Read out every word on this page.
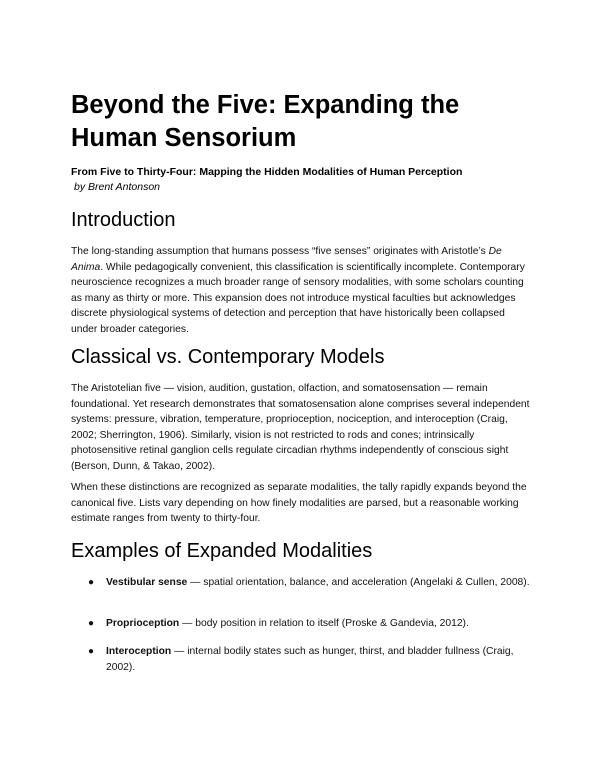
Beyond the Five: Expanding the Human Sensorium

From Five to Thirty-Four: Mapping the Hidden Modalities of Human Perception

by Brent Antonson

Introduction

The long-standing assumption that humans possess “five senses” originates with Aristotle’s De Anima. While pedagogically convenient, this classification is scientifically incomplete. Contemporary neuroscience recognizes a much broader range of sensory modalities, with some scholars counting as many as thirty or more. This expansion does not introduce mystical faculties but acknowledges discrete physiological systems of detection and perception that have historically been collapsed under broader categories.

Classical vs. Contemporary Models

The Aristotelian five — vision, audition, gustation, olfaction, and somatosensation — remain foundational. Yet research demonstrates that somatosensation alone comprises several independent systems: pressure, vibration, temperature, proprioception, nociception, and interoception (Craig, 2002; Sherrington, 1906). Similarly, vision is not restricted to rods and cones; intrinsically photosensitive retinal ganglion cells regulate circadian rhythms independently of conscious sight (Berson, Dunn, & Takao, 2002).

When these distinctions are recognized as separate modalities, the tally rapidly expands beyond the canonical five. Lists vary depending on how finely modalities are parsed, but a reasonable working estimate ranges from twenty to thirty-four.

Examples of Expanded Modalities
● Vestibular sense — spatial orientation, balance, and acceleration (Angelaki & Cullen, 2008).
● Proprioception — body position in relation to itself (Proske & Gandevia, 2012).
● Interoception — internal bodily states such as hunger, thirst, and bladder fullness (Craig, 2002).
